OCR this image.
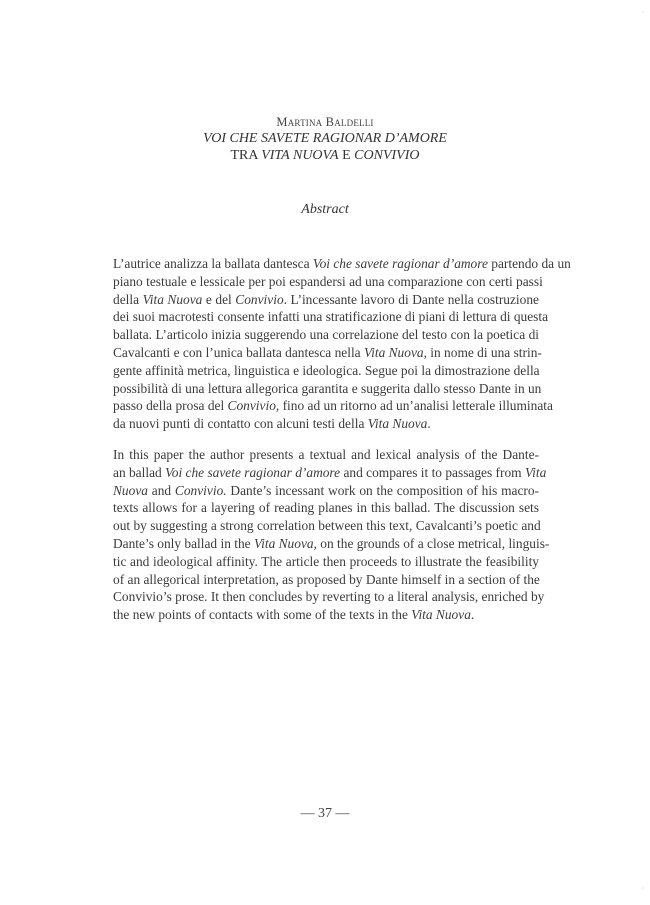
·
·
Martina Baldelli
VOI CHE SAVETE RAGIONAR D’AMORE
TRA VITA NUOVA E CONVIVIO
Abstract
L’autrice analizza la ballata dantesca Voi che savete ragionar d’amore partendo da un
piano testuale e lessicale per poi espandersi ad una comparazione con certi passi
della Vita Nuova e del Convivio. L’incessante lavoro di Dante nella costruzione
dei suoi macrotesti consente infatti una stratificazione di piani di lettura di questa
ballata. L’articolo inizia suggerendo una correlazione del testo con la poetica di
Cavalcanti e con l’unica ballata dantesca nella Vita Nuova, in nome di una strin-
gente affinità metrica, linguistica e ideologica. Segue poi la dimostrazione della
possibilità di una lettura allegorica garantita e suggerita dallo stesso Dante in un
passo della prosa del Convivio, fino ad un ritorno ad un’analisi letterale illuminata
da nuovi punti di contatto con alcuni testi della Vita Nuova.
In this paper the author presents a textual and lexical analysis of the Dante-
an ballad Voi che savete ragionar d’amore and compares it to passages from Vita
Nuova and Convivio. Dante’s incessant work on the composition of his macro-
texts allows for a layering of reading planes in this ballad. The discussion sets
out by suggesting a strong correlation between this text, Cavalcanti’s poetic and
Dante’s only ballad in the Vita Nuova, on the grounds of a close metrical, linguis-
tic and ideological affinity. The article then proceeds to illustrate the feasibility
of an allegorical interpretation, as proposed by Dante himself in a section of the
Convivio’s prose. It then concludes by reverting to a literal analysis, enriched by
the new points of contacts with some of the texts in the Vita Nuova.
— 37 —
